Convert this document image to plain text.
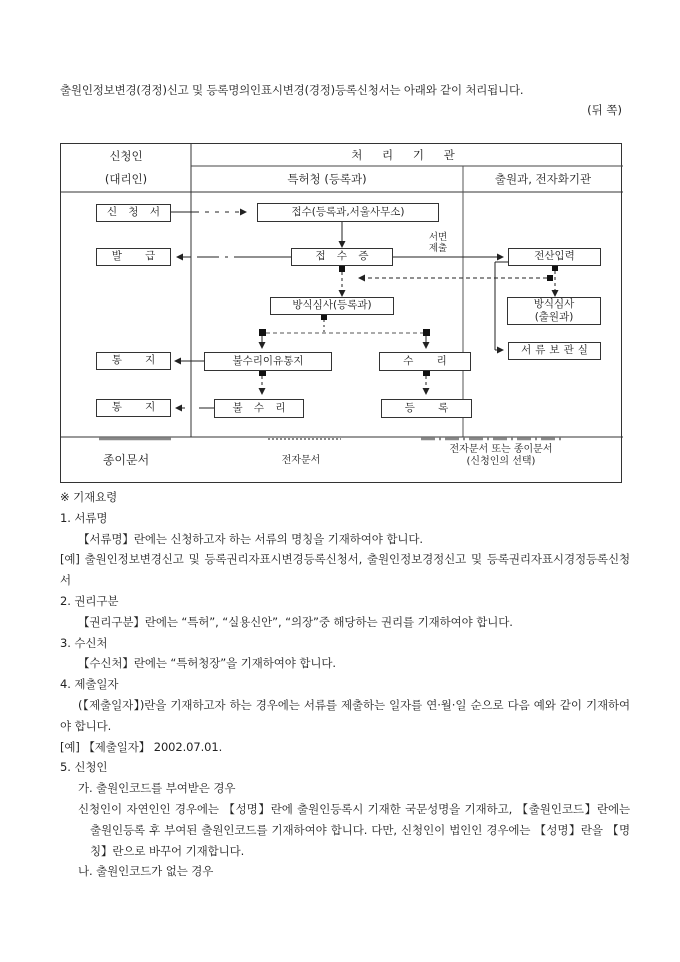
출원인정보변경(경정)신고 및 등록명의인표시변경(경정)등록신청서는 아래와 같이 처리됩니다.
(뒤 쪽)
신청인
(대리인)
처 리 기 관
특허청 (등록과)	출원과, 전자화기관
신 청 서
발 급
통 지
통 지
접수(등록과,서울사무소)
접 수 증
방식심사(등록과)
불수리이유통지	수 리
불 수 리	등 록
전산입력
방식심사
(출원과)
서류보관실
서면
제출
종이문서	전자문서
전자문서 또는 종이문서
(신청인의 선택)

※ 기재요령

1. 서류명

【서류명】란에는 신청하고자 하는 서류의 명칭을 기재하여야 합니다.

[예] 출원인정보변경신고 및 등록권리자표시변경등록신청서, 출원인정보경정신고 및 등록권리자표시경정등록신청서

2. 권리구분

【권리구분】란에는 “특허”, “실용신안”, “의장”중 해당하는 권리를 기재하여야 합니다.

3. 수신처

【수신처】란에는 “특허청장”을 기재하여야 합니다.

4. 제출일자

(【제출일자】)란을 기재하고자 하는 경우에는 서류를 제출하는 일자를 연·월·일 순으로 다음 예와 같이 기재하여야 합니다.

[예] 【제출일자】 2002.07.01.

5. 신청인

가. 출원인코드를 부여받은 경우

신청인이 자연인인 경우에는 【성명】란에 출원인등록시 기재한 국문성명을 기재하고, 【출원인코드】란에는 출원인등록 후 부여된 출원인코드를 기재하여야 합니다. 다만, 신청인이 법인인 경우에는 【성명】란을 【명칭】란으로 바꾸어 기재합니다.

나. 출원인코드가 없는 경우
